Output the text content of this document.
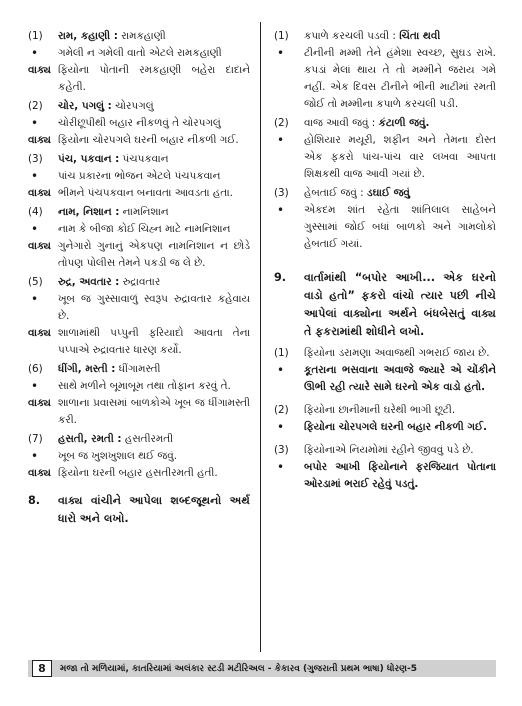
(1)	રામ, કહાણી : રામકહાણી
•	ગમેલી ન ગમેલી વાતો એટલે રામકહાણી
વાક્ય ફિયોના પોતાની રમકહાણી બહેરા દાદાને કહેતી.
(2)	ચોર, પગલું : ચોરપગલું
•	ચોરીછૂપીથી બહાર નીકળવું તે ચોરપગલું
વાક્ય ફિયોના ચોરપગલે ઘરની બહાર નીકળી ગઈ.
(3)	પંચ, પકવાન : પંચપકવાન
•	પાંચ પ્રકારના ભોજન એટલે પંચપકવાન
વાક્ય ભીમને પંચપકવાન બનાવતા આવડતા હતા.
(4)	નામ, નિશાન : નામનિશાન
•	નામ કે બીજા કોઈ ચિહ્ન માટે નામનિશાન
વાક્ય ગુનેગારો ગુનાનું એકપણ નામનિશાન ન છોડે તોપણ પોલીસ તેમને પકડી જ લે છે.
(5)	રુદ્ર, અવતાર : રુદ્રાવતાર
•	ખૂબ જ ગુસ્સાવાળું સ્વરૂપ રુદ્રાવતાર કહેવાય છે.
વાક્ય શાળામાંથી પપ્પુની ફરિયાદો આવતા તેના પપ્પાએ રુદ્રાવતાર ધારણ કર્યો.
(6)	ધીંગી, મસ્તી : ધીંગામસ્તી
•	સાથે મળીને બૂમાબૂમ તથા તોફાન કરવું તે.
વાક્ય શાળાના પ્રવાસમાં બાળકોએ ખૂબ જ ધીંગામસ્તી કરી.
(7)	હસતી, રમતી : હસતીરમતી
•	ખૂબ જ ખુશખુશાલ થઈ જવું.
વાક્ય ફિયોના ઘરની બહાર હસતીરમતી હતી.
8.	વાક્ય વાંચીને આપેલા શબ્દજૂથનો અર્થ ધારો અને લખો.
(1)	કપાળે કરચલી પડવી : ચિંતા થવી
•	ટીનીની મમ્મી તેને હંમેશા સ્વચ્છ, સુઘડ રાખે. કપડાં મેલાં થાય તે તો મમ્મીને જરાય ગમે નહીં. એક દિવસ ટીનીને ભીની માટીમાં રમતી જોઈ તો મમ્મીના કપાળે કરચલી પડી.
(2)	વાજ આવી જવું : કંટાળી જવું.
•	હોશિયાર મયૂરી, શફીન અને તેમના દોસ્ત એક ફકરો પાંચ-પાંચ વાર લખવા આપતા શિક્ષકથી વાજ આવી ગયાં છે.
(3)	હેબતાઈ જવું : ડઘાઈ જવું
•	એકદમ શાંત રહેતા શાંતિલાલ સાહેબને ગુસ્સામાં જોઈ બધાં બાળકો અને ગામલોકો હેબતાઈ ગયાં.
9.	વાર્તામાંથી “બપોર આખી... એક ઘરનો વાડો હતો” ફકરો વાંચો ત્યાર પછી નીચે આપેલાં વાક્યોના અર્થને બંધબેસતું વાક્ય તે ફકરામાંથી શોધીને લખો.
(1)	ફિયોના ડરામણા અવાજથી ગભરાઈ જાય છે.
•	કૂતરાના ભસવાના અવાજે જ્યારે એ ચોંકીને ઊભી રહી ત્યારે સામે ઘરનો એક વાડો હતો.
(2)	ફિયોના છાનીમાની ઘરેથી ભાગી છૂટી.
•	ફિયોના ચોરપગલે ઘરની બહાર નીકળી ગઈ.
(3)	ફિયોનાએ નિયમોમાં રહીને જીવવું પડે છે.
•	બપોર આખી ફિયોનાને ફરજિયાત પોતાના ઓરડામાં ભરાઈ રહેવું પડતું.
8	મજા તો મળિયામાં, કાતરિયામાં અલંકાર સ્ટડી મટીરિઅલ - કેકારવ (ગુજરાતી પ્રથમ ભાષા) ધોરણ-5
